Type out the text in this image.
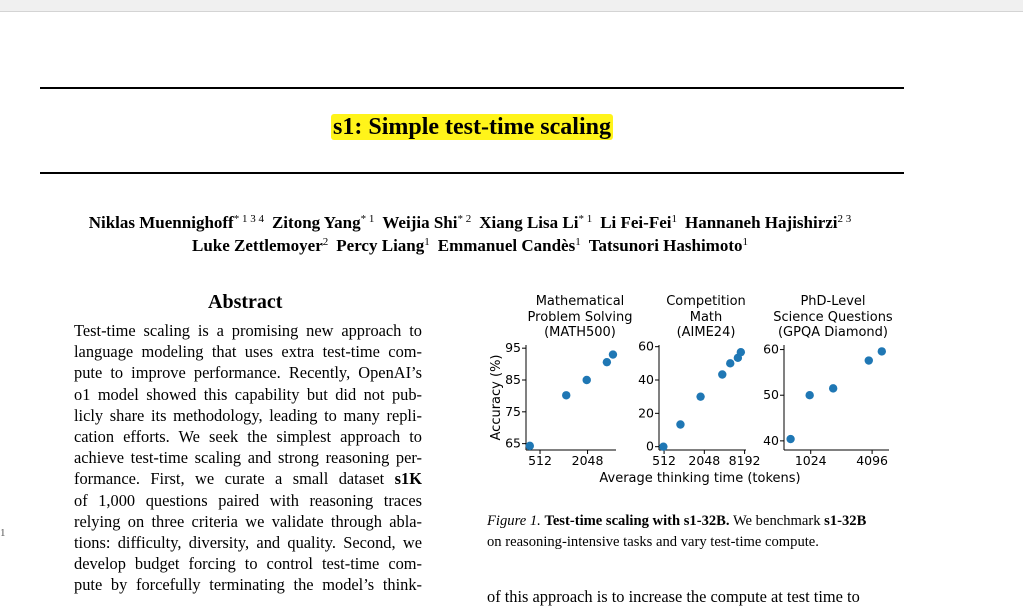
s1: Simple test-time scaling
Niklas Muennighoff$^{* 1 3 4}$ Zitong Yang$^{* 1}$ Weijia Shi$^{* 2}$ Xiang Lisa Li$^{* 1}$ Li Fei-Fei$^1$ Hannaneh Hajishirzi$^{2 3}$
Luke Zettlemoyer$^2$ Percy Liang$^1$ Emmanuel Candès$^1$ Tatsunori Hashimoto$^1$
Abstract
Test-time scaling is a promising new approach to
language modeling that uses extra test-time com-
pute to improve performance. Recently, OpenAI’s
o1 model showed this capability but did not pub-
licly share its methodology, leading to many repli-
cation efforts. We seek the simplest approach to
achieve test-time scaling and strong reasoning per-
formance. First, we curate a small dataset s1K
of 1,000 questions paired with reasoning traces
relying on three criteria we validate through abla-
tions: difficulty, diversity, and quality. Second, we
develop budget forcing to control test-time com-
pute by forcefully terminating the model’s think-
Mathematical
Problem Solving
(MATH500)
Competition
Math
(AIME24)
PhD-Level
Science Questions
(GPQA Diamond)
65
75
85
95
512 2048
Accuracy (%)
Average thinking time (tokens)
0
20
40
60
512 2048 8192
40
50
60
1024 4096
Figure 1. Test-time scaling with s1-32B. We benchmark s1-32B
on reasoning-intensive tasks and vary test-time compute.
of this approach is to increase the compute at test time to
1
